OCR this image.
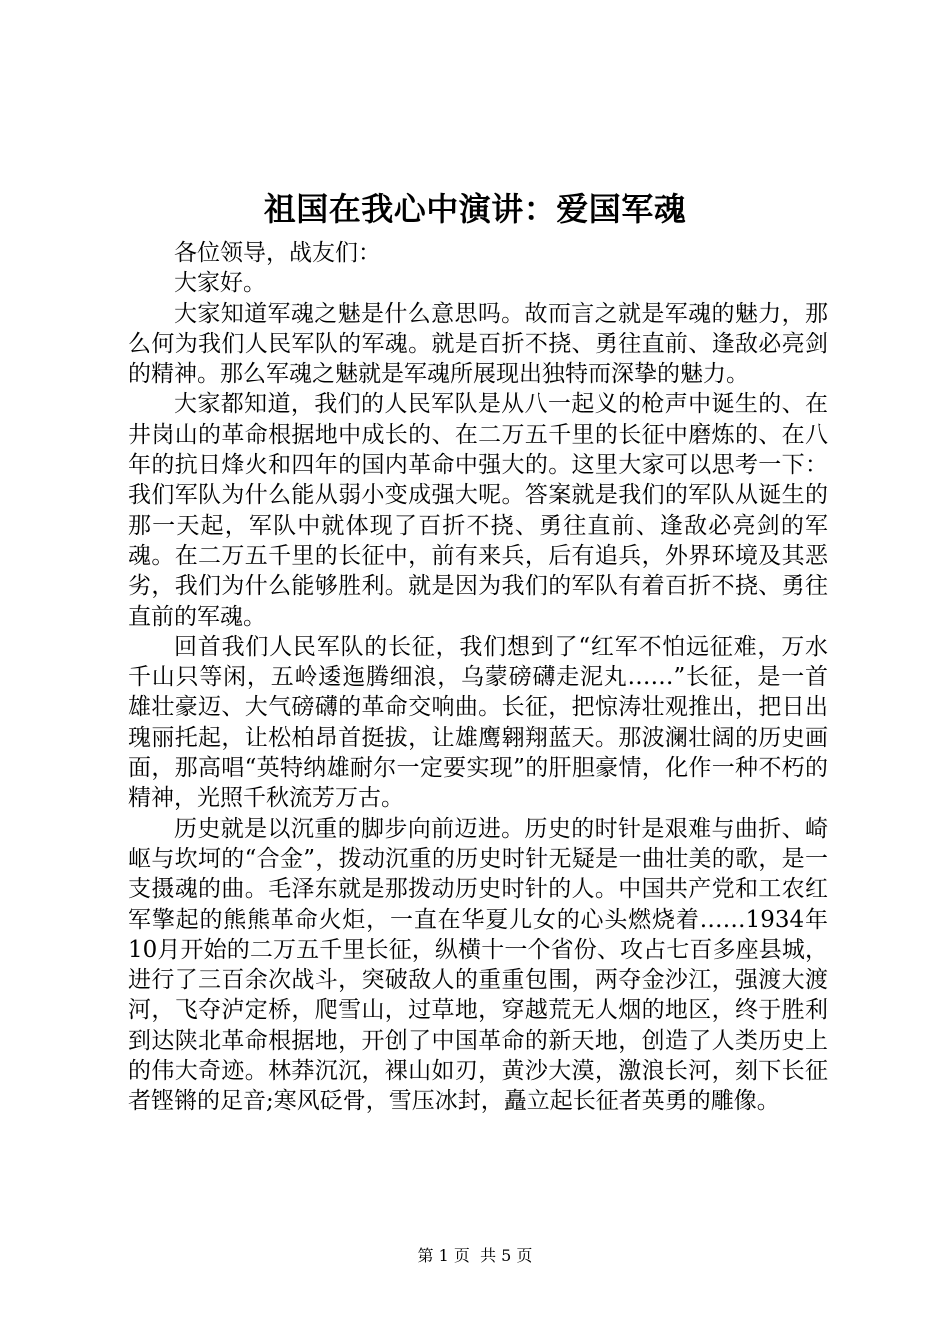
祖国在我心中演讲：爱国军魂

各位领导，战友们：

大家好。

大家知道军魂之魅是什么意思吗。故而言之就是军魂的魅力，那么何为我们人民军队的军魂。就是百折不挠、勇往直前、逢敌必亮剑的精神。那么军魂之魅就是军魂所展现出独特而深挚的魅力。

大家都知道，我们的人民军队是从八一起义的枪声中诞生的、在井岗山的革命根据地中成长的、在二万五千里的长征中磨炼的、在八年的抗日烽火和四年的国内革命中强大的。这里大家可以思考一下：我们军队为什么能从弱小变成强大呢。答案就是我们的军队从诞生的那一天起，军队中就体现了百折不挠、勇往直前、逢敌必亮剑的军魂。在二万五千里的长征中，前有来兵，后有追兵，外界环境及其恶劣，我们为什么能够胜利。就是因为我们的军队有着百折不挠、勇往直前的军魂。

回首我们人民军队的长征，我们想到了“红军不怕远征难，万水千山只等闲，五岭逶迤腾细浪，乌蒙磅礴走泥丸……”长征，是一首雄壮豪迈、大气磅礴的革命交响曲。长征，把惊涛壮观推出，把日出瑰丽托起，让松柏昂首挺拔，让雄鹰翱翔蓝天。那波澜壮阔的历史画面，那高唱“英特纳雄耐尔一定要实现”的肝胆豪情，化作一种不朽的精神，光照千秋流芳万古。

历史就是以沉重的脚步向前迈进。历史的时针是艰难与曲折、崎岖与坎坷的“合金”，拨动沉重的历史时针无疑是一曲壮美的歌，是一支摄魂的曲。毛泽东就是那拨动历史时针的人。中国共产党和工农红军擎起的熊熊革命火炬，一直在华夏儿女的心头燃烧着……1934年10月开始的二万五千里长征，纵横十一个省份、攻占七百多座县城，进行了三百余次战斗，突破敌人的重重包围，两夺金沙江，强渡大渡河，飞夺泸定桥，爬雪山，过草地，穿越荒无人烟的地区，终于胜利到达陕北革命根据地，开创了中国革命的新天地，创造了人类历史上的伟大奇迹。林莽沉沉，裸山如刃，黄沙大漠，激浪长河，刻下长征者铿锵的足音;寒风砭骨，雪压冰封，矗立起长征者英勇的雕像。

第 1 页  共 5 页
